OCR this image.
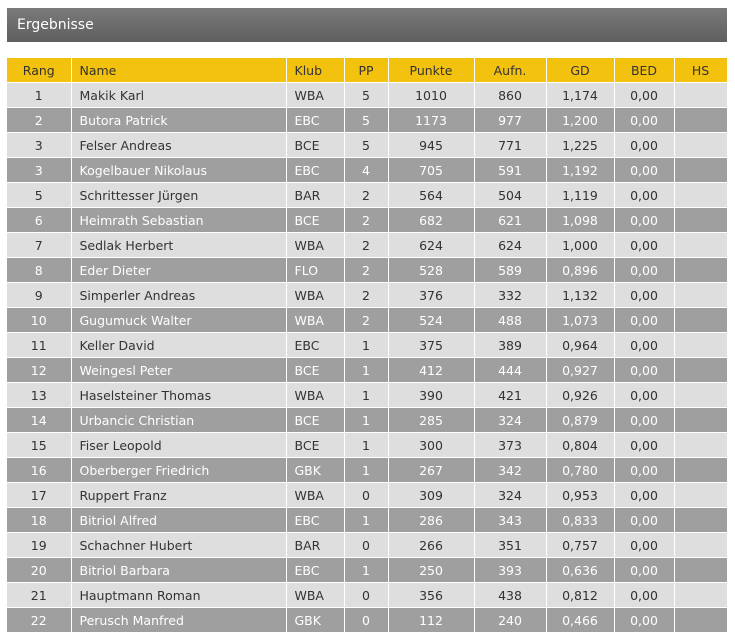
Ergebnisse
Rang	Name	Klub	PP	Punkte	Aufn.	GD	BED	HS
1	Makik Karl	WBA	5	1010	860	1,174	0,00	
2	Butora Patrick	EBC	5	1173	977	1,200	0,00	
3	Felser Andreas	BCE	5	945	771	1,225	0,00	
3	Kogelbauer Nikolaus	EBC	4	705	591	1,192	0,00	
5	Schrittesser Jürgen	BAR	2	564	504	1,119	0,00	
6	Heimrath Sebastian	BCE	2	682	621	1,098	0,00	
7	Sedlak Herbert	WBA	2	624	624	1,000	0,00	
8	Eder Dieter	FLO	2	528	589	0,896	0,00	
9	Simperler Andreas	WBA	2	376	332	1,132	0,00	
10	Gugumuck Walter	WBA	2	524	488	1,073	0,00	
11	Keller David	EBC	1	375	389	0,964	0,00	
12	Weingesl Peter	BCE	1	412	444	0,927	0,00	
13	Haselsteiner Thomas	WBA	1	390	421	0,926	0,00	
14	Urbancic Christian	BCE	1	285	324	0,879	0,00	
15	Fiser Leopold	BCE	1	300	373	0,804	0,00	
16	Oberberger Friedrich	GBK	1	267	342	0,780	0,00	
17	Ruppert Franz	WBA	0	309	324	0,953	0,00	
18	Bitriol Alfred	EBC	1	286	343	0,833	0,00	
19	Schachner Hubert	BAR	0	266	351	0,757	0,00	
20	Bitriol Barbara	EBC	1	250	393	0,636	0,00	
21	Hauptmann Roman	WBA	0	356	438	0,812	0,00	
22	Perusch Manfred	GBK	0	112	240	0,466	0,00	
